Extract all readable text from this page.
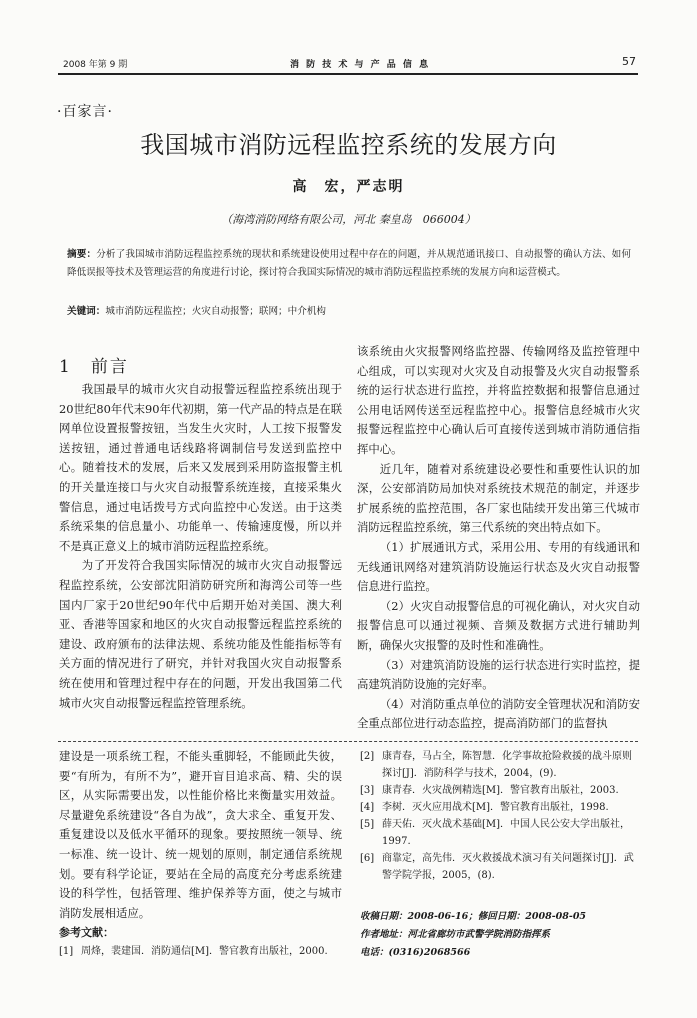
2008 年第 9 期	消 防 技 术 与 产 品 信 息	57
·百家言·
我国城市消防远程监控系统的发展方向
高　宏，严志明
（海湾消防网络有限公司，河北 秦皇岛　066004）
摘要：分析了我国城市消防远程监控系统的现状和系统建设使用过程中存在的问题，并从规范通讯接口、自动报警的确认方法、如何降低误报等技术及管理运营的角度进行讨论，探讨符合我国实际情况的城市消防远程监控系统的发展方向和运营模式。
关键词：城市消防远程监控；火灾自动报警；联网；中介机构
1　前言

我国最早的城市火灾自动报警远程监控系统出现于20世纪80年代末90年代初期，第一代产品的特点是在联网单位设置报警按钮，当发生火灾时，人工按下报警发送按钮，通过普通电话线路将调制信号发送到监控中心。随着技术的发展，后来又发展到采用防盗报警主机的开关量连接口与火灾自动报警系统连接，直接采集火警信息，通过电话拨号方式向监控中心发送。由于这类系统采集的信息量小、功能单一、传输速度慢，所以并不是真正意义上的城市消防远程监控系统。

为了开发符合我国实际情况的城市火灾自动报警远程监控系统，公安部沈阳消防研究所和海湾公司等一些国内厂家于20世纪90年代中后期开始对美国、澳大利亚、香港等国家和地区的火灾自动报警远程监控系统的建设、政府颁布的法律法规、系统功能及性能指标等有关方面的情况进行了研究，并针对我国火灾自动报警系统在使用和管理过程中存在的问题，开发出我国第二代城市火灾自动报警远程监控管理系统。

该系统由火灾报警网络监控器、传输网络及监控管理中心组成，可以实现对火灾及自动报警及火灾自动报警系统的运行状态进行监控，并将监控数据和报警信息通过公用电话网传送至远程监控中心。报警信息经城市火灾报警远程监控中心确认后可直接传送到城市消防通信指挥中心。

近几年，随着对系统建设必要性和重要性认识的加深，公安部消防局加快对系统技术规范的制定，并逐步扩展系统的监控范围，各厂家也陆续开发出第三代城市消防远程监控系统，第三代系统的突出特点如下。

（1）扩展通讯方式，采用公用、专用的有线通讯和无线通讯网络对建筑消防设施运行状态及火灾自动报警信息进行监控。

（2）火灾自动报警信息的可视化确认，对火灾自动报警信息可以通过视频、音频及数据方式进行辅助判断，确保火灾报警的及时性和准确性。

（3）对建筑消防设施的运行状态进行实时监控，提高建筑消防设施的完好率。

（4）对消防重点单位的消防安全管理状况和消防安全重点部位进行动态监控，提高消防部门的监督执

建设是一项系统工程，不能头重脚轻，不能顾此失彼，要“有所为，有所不为”，避开盲目追求高、精、尖的误区，从实际需要出发，以性能价格比来衡量实用效益。尽量避免系统建设“各自为战”，贪大求全、重复开发、重复建设以及低水平循环的现象。要按照统一领导、统一标准、统一设计、统一规划的原则，制定通信系统规划。要有科学论证，要站在全局的高度充分考虑系统建设的科学性，包括管理、维护保养等方面，使之与城市消防发展相适应。

参考文献：
[1] 周烽，裴建国．消防通信[M]．警官教育出版社，2000.
[2] 康青春，马占全，陈智慧．化学事故抢险救援的战斗原则探讨[J]．消防科学与技术，2004，(9).
[3] 康青春．火灾战例精选[M]．警官教育出版社，2003.
[4] 李树．灭火应用战术[M]．警官教育出版社，1998.
[5] 薛天佑．灭火战术基础[M]．中国人民公安大学出版社，1997.
[6] 商靠定，高先伟．灭火救援战术演习有关问题探讨[J]．武警学院学报，2005，(8).
收稿日期：2008-06-16；修回日期：2008-08-05
作者地址：河北省廊坊市武警学院消防指挥系
电话：(0316)2068566
